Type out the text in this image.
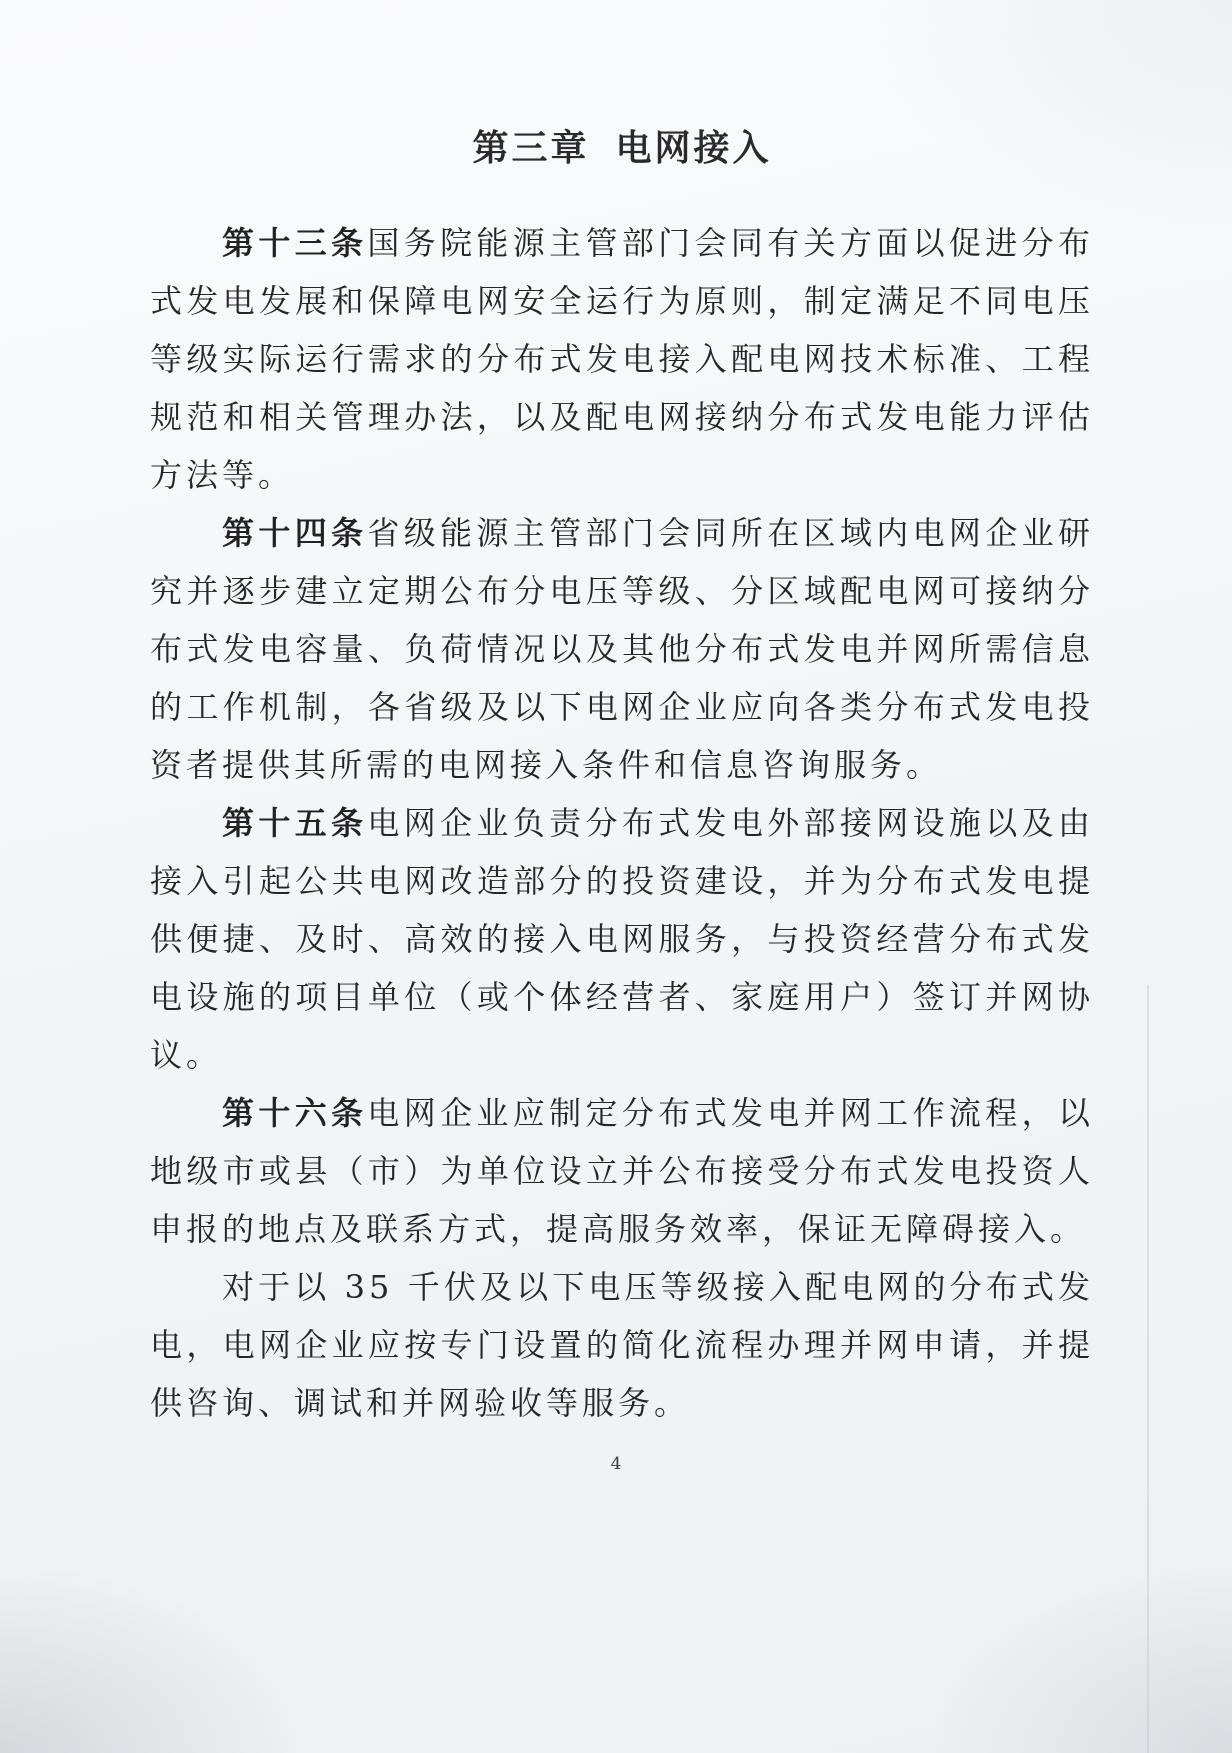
第三章  电网接入

第十三条国务院能源主管部门会同有关方面以促进分布式发电发展和保障电网安全运行为原则，制定满足不同电压等级实际运行需求的分布式发电接入配电网技术标准、工程规范和相关管理办法，以及配电网接纳分布式发电能力评估方法等。

第十四条省级能源主管部门会同所在区域内电网企业研究并逐步建立定期公布分电压等级、分区域配电网可接纳分布式发电容量、负荷情况以及其他分布式发电并网所需信息的工作机制，各省级及以下电网企业应向各类分布式发电投资者提供其所需的电网接入条件和信息咨询服务。

第十五条电网企业负责分布式发电外部接网设施以及由接入引起公共电网改造部分的投资建设，并为分布式发电提供便捷、及时、高效的接入电网服务，与投资经营分布式发电设施的项目单位（或个体经营者、家庭用户）签订并网协议。

第十六条电网企业应制定分布式发电并网工作流程，以地级市或县（市）为单位设立并公布接受分布式发电投资人申报的地点及联系方式，提高服务效率，保证无障碍接入。

对于以 35 千伏及以下电压等级接入配电网的分布式发电，电网企业应按专门设置的简化流程办理并网申请，并提供咨询、调试和并网验收等服务。

4
